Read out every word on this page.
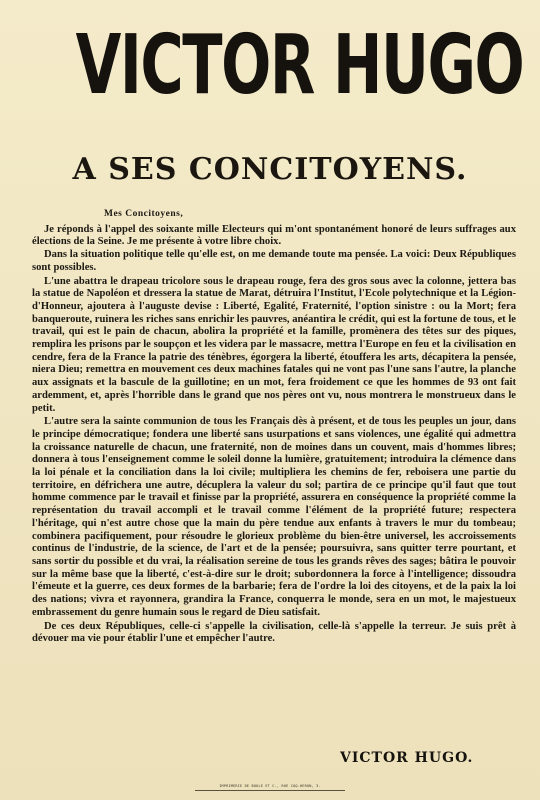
VICTOR HUGO
A SES CONCITOYENS.
Mes Concitoyens,

Je réponds à l'appel des soixante mille Electeurs qui m'ont spontanément honoré de leurs suffrages aux élections de la Seine. Je me présente à votre libre choix.

Dans la situation politique telle qu'elle est, on me demande toute ma pensée. La voici: Deux Républiques sont possibles.

L'une abattra le drapeau tricolore sous le drapeau rouge, fera des gros sous avec la colonne, jettera bas la statue de Napoléon et dressera la statue de Marat, détruira l'Institut, l'Ecole polytechnique et la Légion-d'Honneur, ajoutera à l'auguste devise : Liberté, Egalité, Fraternité, l'option sinistre : ou la Mort; fera banqueroute, ruinera les riches sans enrichir les pauvres, anéantira le crédit, qui est la fortune de tous, et le travail, qui est le pain de chacun, abolira la propriété et la famille, promènera des têtes sur des piques, remplira les prisons par le soupçon et les videra par le massacre, mettra l'Europe en feu et la civilisation en cendre, fera de la France la patrie des ténèbres, égorgera la liberté, étouffera les arts, décapitera la pensée, niera Dieu; remettra en mouvement ces deux machines fatales qui ne vont pas l'une sans l'autre, la planche aux assignats et la bascule de la guillotine; en un mot, fera froidement ce que les hommes de 93 ont fait ardemment, et, après l'horrible dans le grand que nos pères ont vu, nous montrera le monstrueux dans le petit.

L'autre sera la sainte communion de tous les Français dès à présent, et de tous les peuples un jour, dans le principe démocratique; fondera une liberté sans usurpations et sans violences, une égalité qui admettra la croissance naturelle de chacun, une fraternité, non de moines dans un couvent, mais d'hommes libres; donnera à tous l'enseignement comme le soleil donne la lumière, gratuitement; introduira la clémence dans la loi pénale et la conciliation dans la loi civile; multipliera les chemins de fer, reboisera une partie du territoire, en défrichera une autre, décuplera la valeur du sol; partira de ce principe qu'il faut que tout homme commence par le travail et finisse par la propriété, assurera en conséquence la propriété comme la représentation du travail accompli et le travail comme l'élément de la propriété future; respectera l'héritage, qui n'est autre chose que la main du père tendue aux enfants à travers le mur du tombeau; combinera pacifiquement, pour résoudre le glorieux problème du bien-être universel, les accroissements continus de l'industrie, de la science, de l'art et de la pensée; poursuivra, sans quitter terre pourtant, et sans sortir du possible et du vrai, la réalisation sereine de tous les grands rêves des sages; bâtira le pouvoir sur la même base que la liberté, c'est-à-dire sur le droit; subordonnera la force à l'intelligence; dissoudra l'émeute et la guerre, ces deux formes de la barbarie; fera de l'ordre la loi des citoyens, et de la paix la loi des nations; vivra et rayonnera, grandira la France, conquerra le monde, sera en un mot, le majestueux embrassement du genre humain sous le regard de Dieu satisfait.

De ces deux Républiques, celle-ci s'appelle la civilisation, celle-là s'appelle la terreur. Je suis prêt à dévouer ma vie pour établir l'une et empêcher l'autre.

VICTOR HUGO.
IMPRIMERIE DE BOULE ET C., RUE COQ-HERON, 3.
